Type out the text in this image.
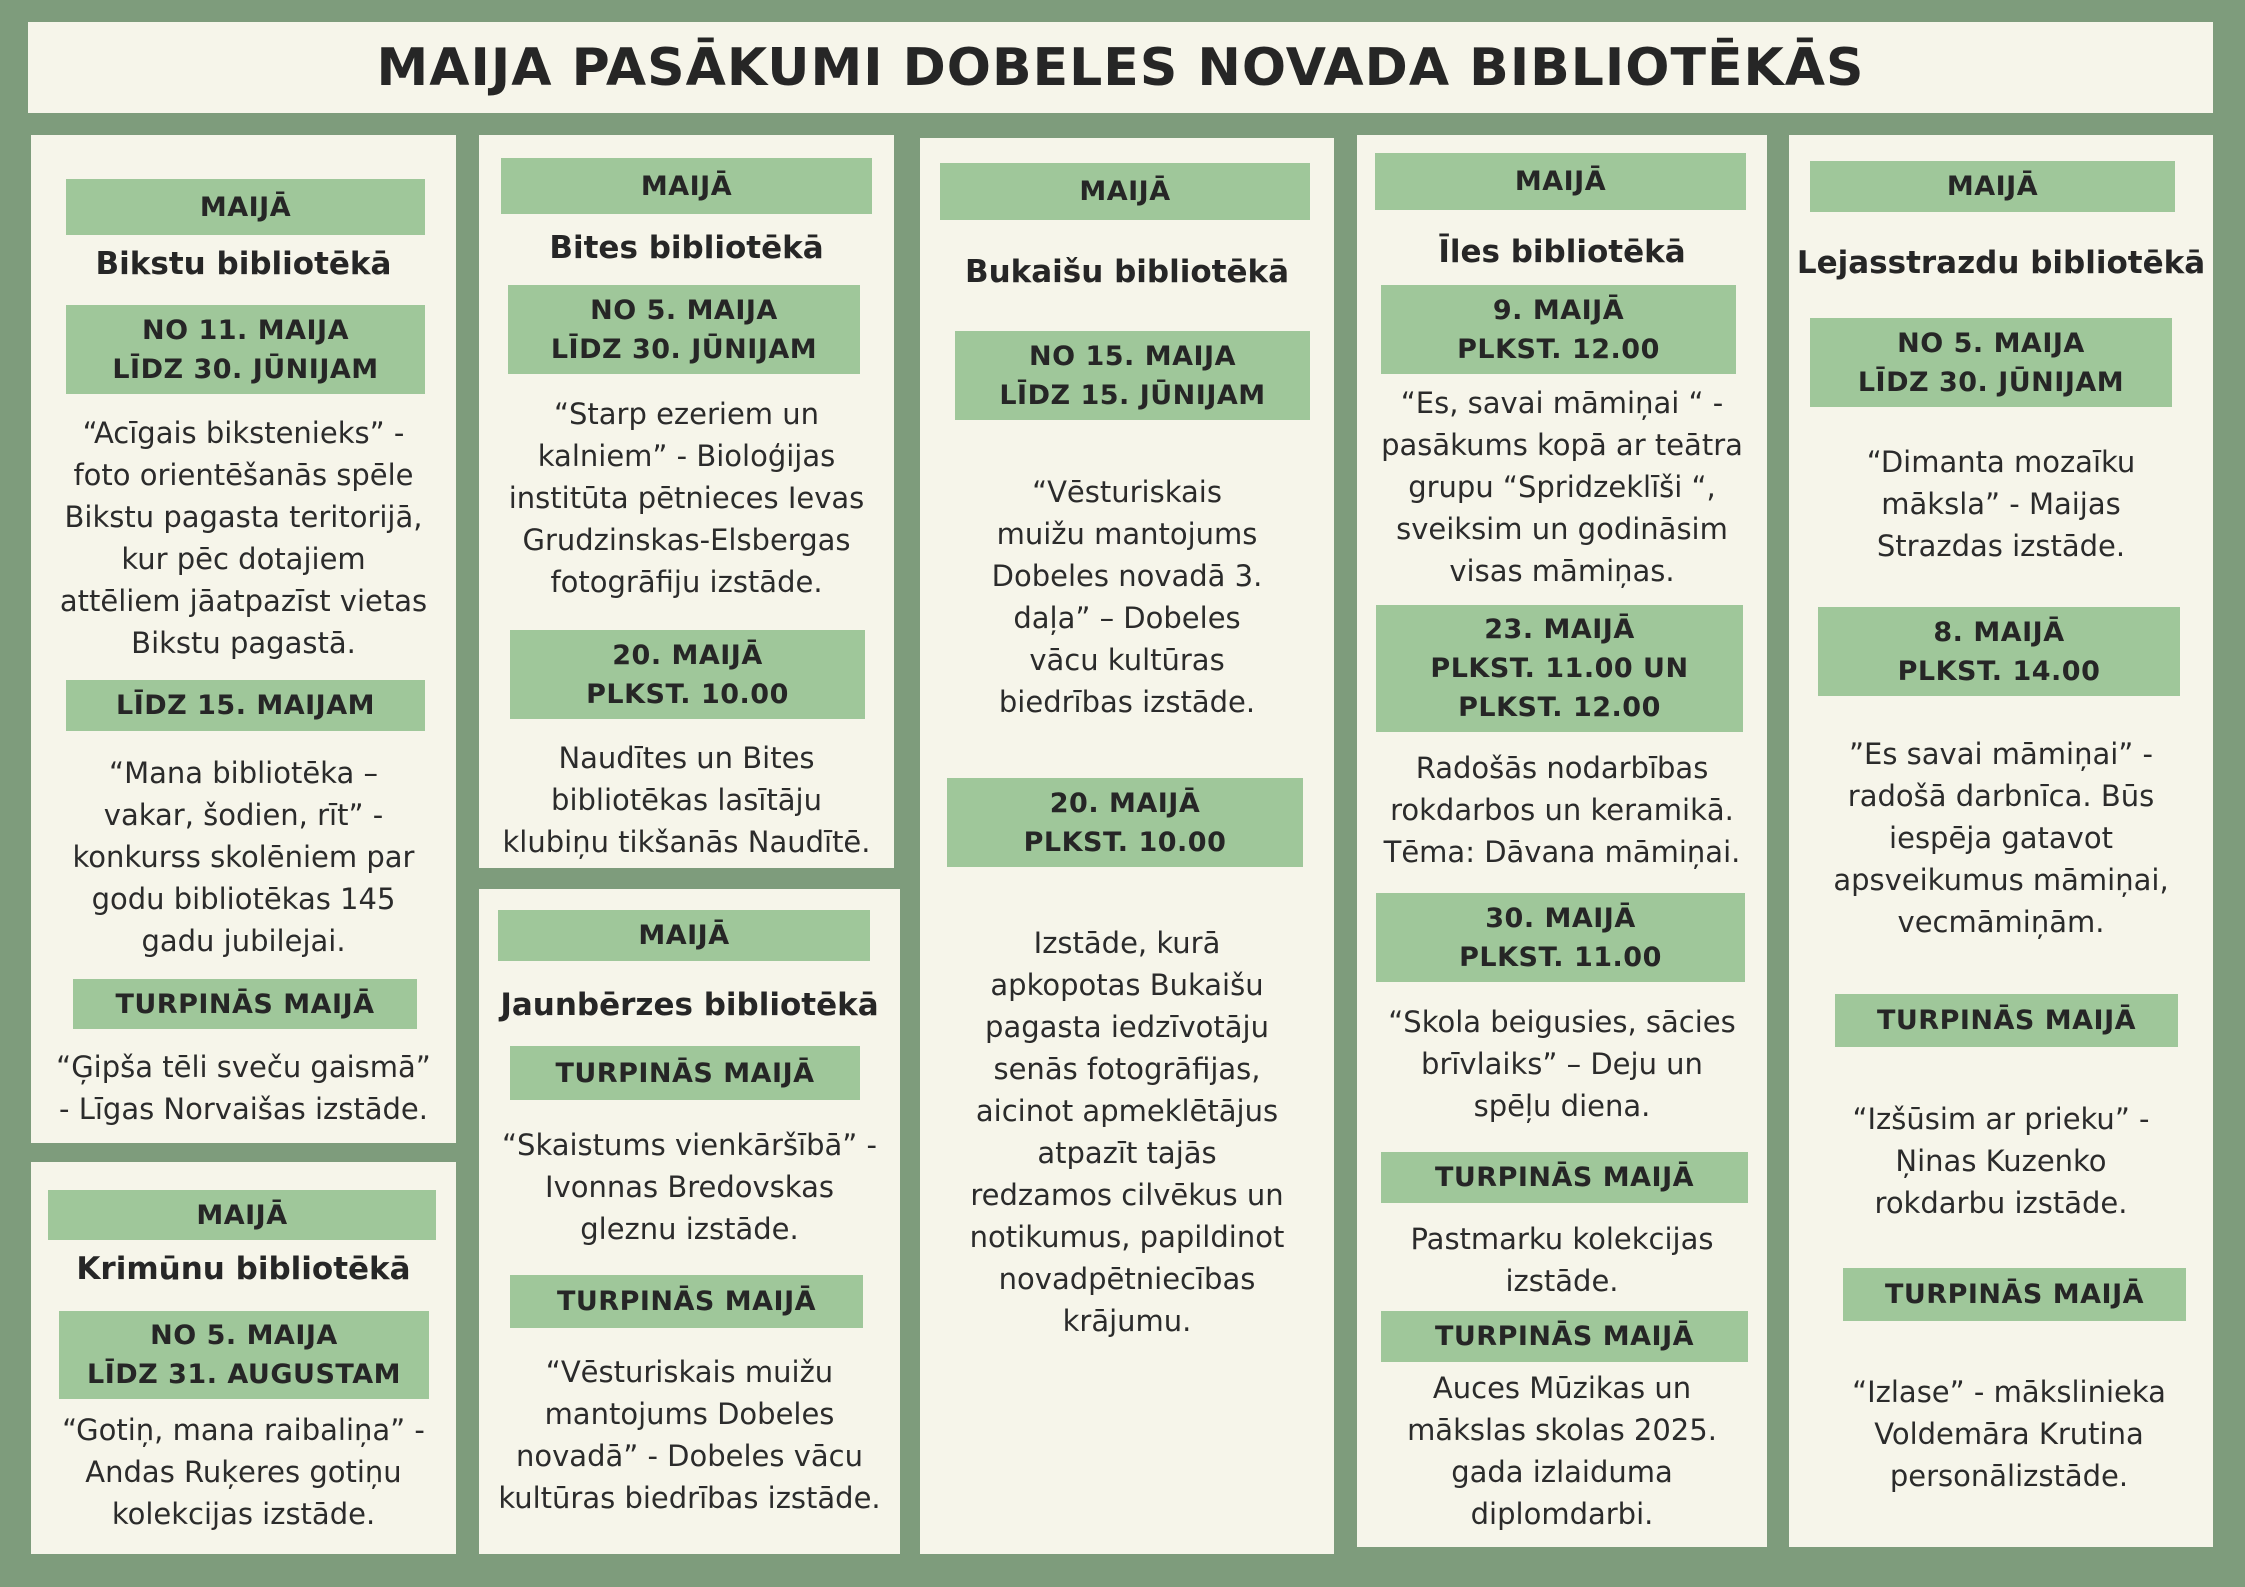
MAIJA PASĀKUMI DOBELES NOVADA BIBLIOTĒKĀS
MAIJĀ
Bikstu bibliotēkā
NO 11. MAIJA
LĪDZ 30. JŪNIJAM
“Acīgais bikstenieks” -
foto orientēšanās spēle
Bikstu pagasta teritorijā,
kur pēc dotajiem
attēliem jāatpazīst vietas
Bikstu pagastā.
LĪDZ 15. MAIJAM
“Mana bibliotēka –
vakar, šodien, rīt” -
konkurss skolēniem par
godu bibliotēkas 145
gadu jubilejai.
TURPINĀS MAIJĀ
“Ģipša tēli sveču gaismā”
- Līgas Norvaišas izstāde.
MAIJĀ
Krimūnu bibliotēkā
NO 5. MAIJA
LĪDZ 31. AUGUSTAM
“Gotiņ, mana raibaliņa” -
Andas Ruķeres gotiņu
kolekcijas izstāde.
MAIJĀ
Bites bibliotēkā
NO 5. MAIJA
LĪDZ 30. JŪNIJAM
“Starp ezeriem un
kalniem” - Bioloģijas
institūta pētnieces Ievas
Grudzinskas-Elsbergas
fotogrāfiju izstāde.
20. MAIJĀ
PLKST. 10.00
Naudītes un Bites
bibliotēkas lasītāju
klubiņu tikšanās Naudītē.
MAIJĀ
Jaunbērzes bibliotēkā
TURPINĀS MAIJĀ
“Skaistums vienkāršībā” -
Ivonnas Bredovskas
gleznu izstāde.
TURPINĀS MAIJĀ
“Vēsturiskais muižu
mantojums Dobeles
novadā” - Dobeles vācu
kultūras biedrības izstāde.
MAIJĀ
Bukaišu bibliotēkā
NO 15. MAIJA
LĪDZ 15. JŪNIJAM
“Vēsturiskais
muižu mantojums
Dobeles novadā 3.
daļa” – Dobeles
vācu kultūras
biedrības izstāde.
20. MAIJĀ
PLKST. 10.00
Izstāde, kurā
apkopotas Bukaišu
pagasta iedzīvotāju
senās fotogrāfijas,
aicinot apmeklētājus
atpazīt tajās
redzamos cilvēkus un
notikumus, papildinot
novadpētniecības
krājumu.
MAIJĀ
Īles bibliotēkā
9. MAIJĀ
PLKST. 12.00
“Es, savai māmiņai “ -
pasākums kopā ar teātra
grupu “Spridzeklīši “,
sveiksim un godināsim
visas māmiņas.
23. MAIJĀ
PLKST. 11.00 UN
PLKST. 12.00
Radošās nodarbības
rokdarbos un keramikā.
Tēma: Dāvana māmiņai.
30. MAIJĀ
PLKST. 11.00
“Skola beigusies, sācies
brīvlaiks” – Deju un
spēļu diena.
TURPINĀS MAIJĀ
Pastmarku kolekcijas
izstāde.
TURPINĀS MAIJĀ
Auces Mūzikas un
mākslas skolas 2025.
gada izlaiduma
diplomdarbi.
MAIJĀ
Lejasstrazdu bibliotēkā
NO 5. MAIJA
LĪDZ 30. JŪNIJAM
“Dimanta mozaīku
māksla” - Maijas
Strazdas izstāde.
8. MAIJĀ
PLKST. 14.00
”Es savai māmiņai” -
radošā darbnīca. Būs
iespēja gatavot
apsveikumus māmiņai,
vecmāmiņām.
TURPINĀS MAIJĀ
“Izšūsim ar prieku” -
Ņinas Kuzenko
rokdarbu izstāde.
TURPINĀS MAIJĀ
“Izlase” - mākslinieka
Voldemāra Krutina
personālizstāde.
